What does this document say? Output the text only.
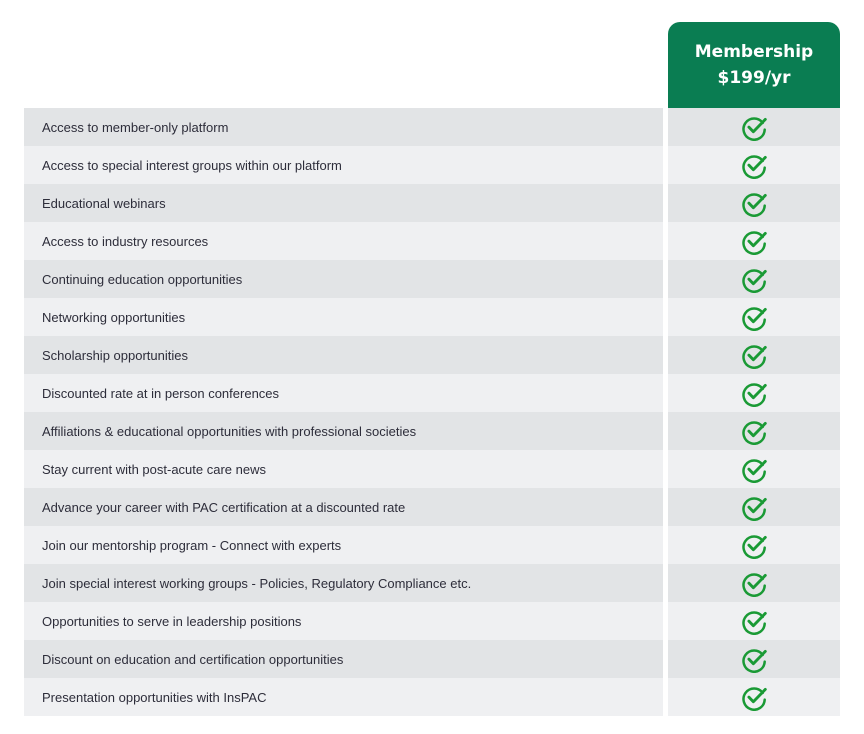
Membership
$199/yr
Access to member-only platform
Access to special interest groups within our platform
Educational webinars
Access to industry resources
Continuing education opportunities
Networking opportunities
Scholarship opportunities
Discounted rate at in person conferences
Affiliations & educational opportunities with professional societies
Stay current with post-acute care news
Advance your career with PAC certification at a discounted rate
Join our mentorship program - Connect with experts
Join special interest working groups - Policies, Regulatory Compliance etc.
Opportunities to serve in leadership positions
Discount on education and certification opportunities
Presentation opportunities with InsPAC
